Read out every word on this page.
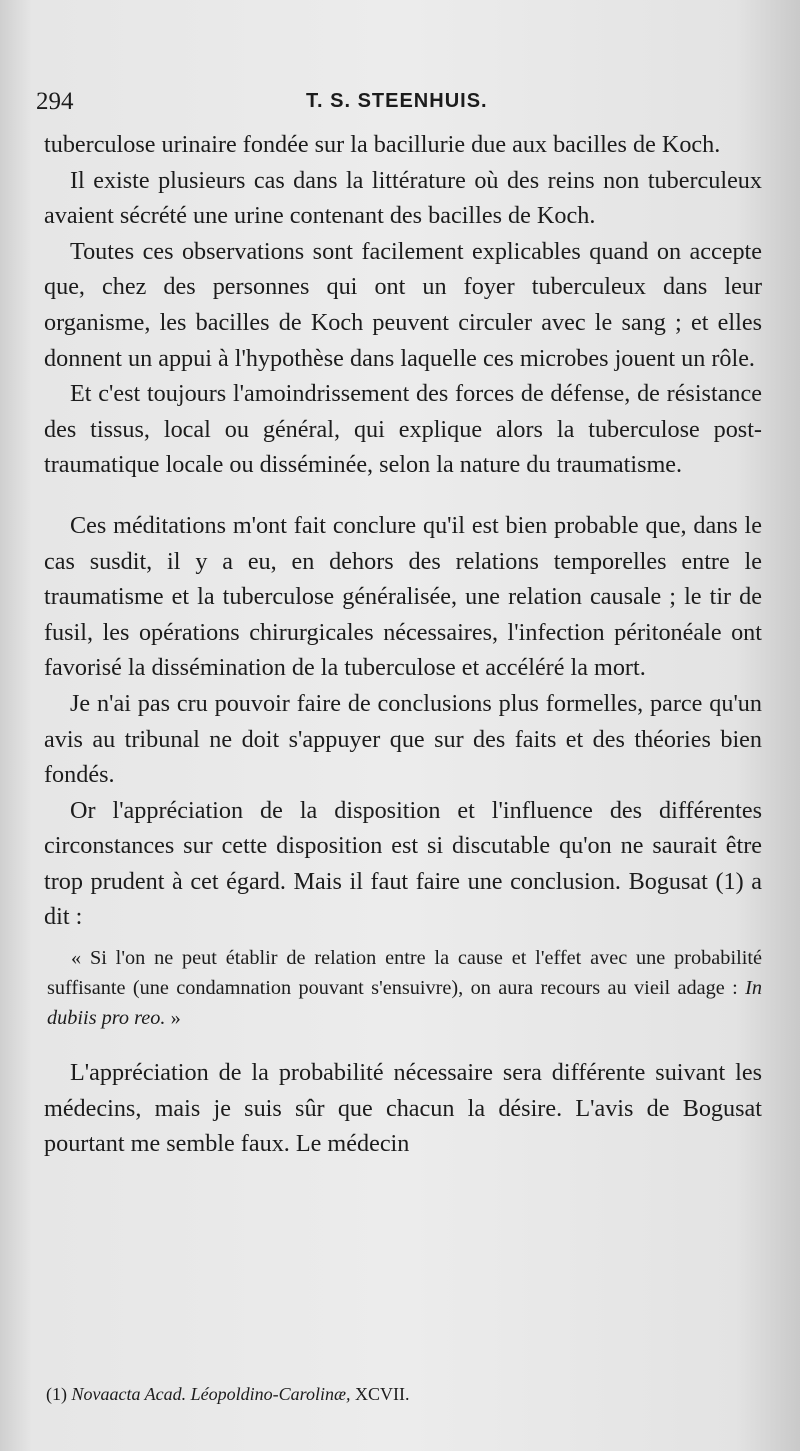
294	T. S. STEENHUIS.

tuberculose urinaire fondée sur la bacillurie due aux bacilles de Koch.

Il existe plusieurs cas dans la littérature où des reins non tuberculeux avaient sécrété une urine contenant des bacilles de Koch.

Toutes ces observations sont facilement explicables quand on accepte que, chez des personnes qui ont un foyer tuberculeux dans leur organisme, les bacilles de Koch peuvent circuler avec le sang ; et elles donnent un appui à l'hypothèse dans laquelle ces microbes jouent un rôle.

Et c'est toujours l'amoindrissement des forces de défense, de résistance des tissus, local ou général, qui explique alors la tuberculose post-traumatique locale ou disséminée, selon la nature du traumatisme.

Ces méditations m'ont fait conclure qu'il est bien probable que, dans le cas susdit, il y a eu, en dehors des relations temporelles entre le traumatisme et la tuberculose généralisée, une relation causale ; le tir de fusil, les opérations chirurgicales nécessaires, l'infection péritonéale ont favorisé la dissémination de la tuberculose et accéléré la mort.

Je n'ai pas cru pouvoir faire de conclusions plus formelles, parce qu'un avis au tribunal ne doit s'appuyer que sur des faits et des théories bien fondés.

Or l'appréciation de la disposition et l'influence des différentes circonstances sur cette disposition est si discutable qu'on ne saurait être trop prudent à cet égard. Mais il faut faire une conclusion. Bogusat (1) a dit :

« Si l'on ne peut établir de relation entre la cause et l'effet avec une probabilité suffisante (une condamnation pouvant s'ensuivre), on aura recours au vieil adage : In dubiis pro reo. »

L'appréciation de la probabilité nécessaire sera différente suivant les médecins, mais je suis sûr que chacun la désire. L'avis de Bogusat pourtant me semble faux. Le médecin

(1) Novaacta Acad. Léopoldino-Carolinæ, XCVII.
